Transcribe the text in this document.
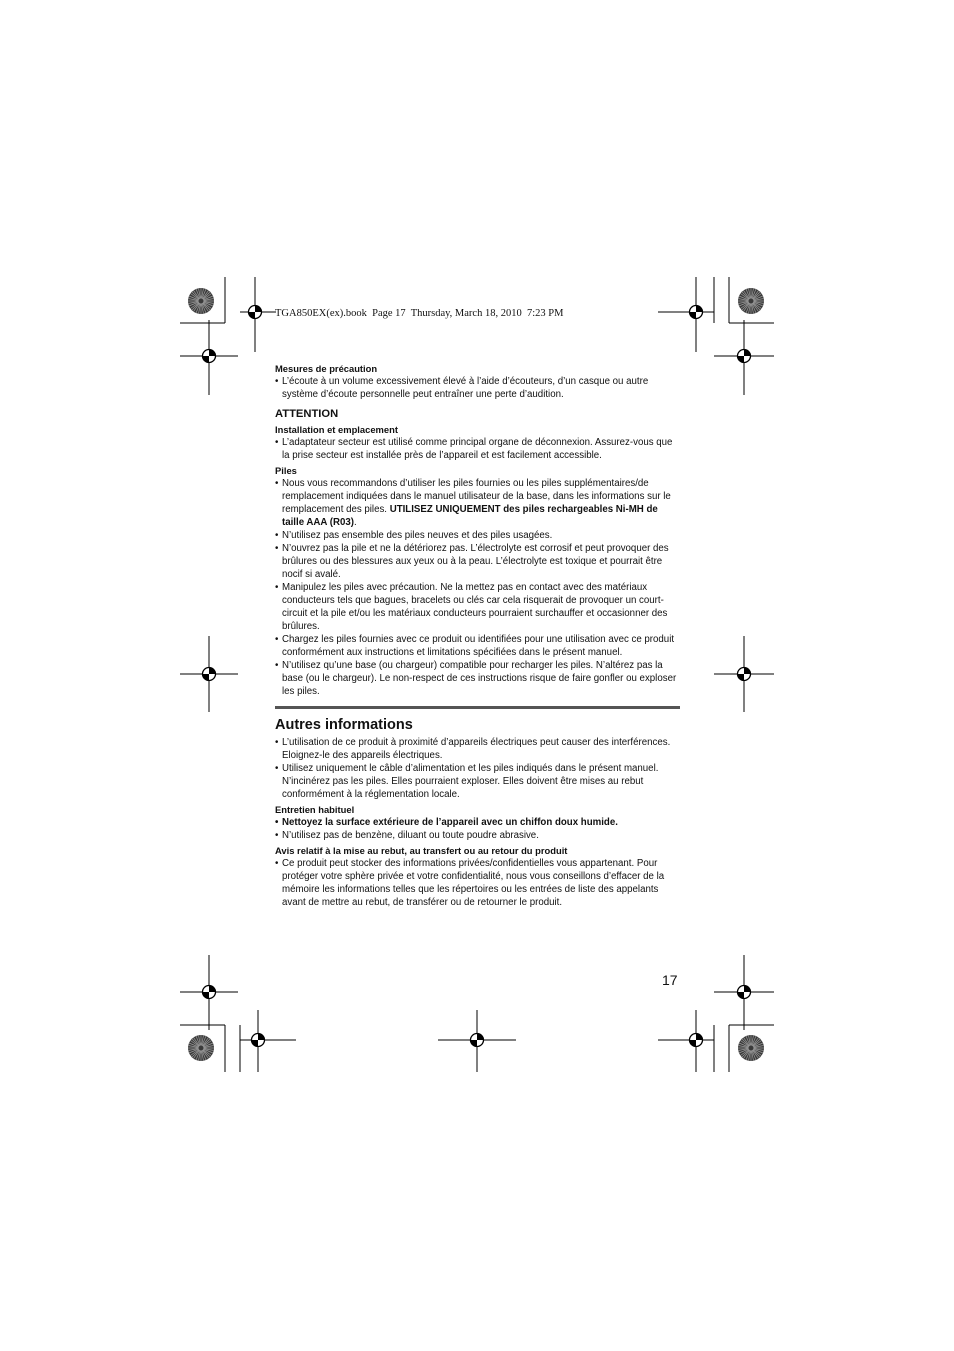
TGA850EX(ex).book  Page 17  Thursday, March 18, 2010  7:23 PM

Mesures de précaution

• L’écoute à un volume excessivement élevé à l’aide d’écouteurs, d’un casque ou autre système d’écoute personnelle peut entraîner une perte d’audition.

ATTENTION

Installation et emplacement

• L’adaptateur secteur est utilisé comme principal organe de déconnexion. Assurez-vous que la prise secteur est installée près de l’appareil et est facilement accessible.

Piles

• Nous vous recommandons d’utiliser les piles fournies ou les piles supplémentaires/de remplacement indiquées dans le manuel utilisateur de la base, dans les informations sur le remplacement des piles. UTILISEZ UNIQUEMENT des piles rechargeables Ni-MH de taille AAA (R03).
• N’utilisez pas ensemble des piles neuves et des piles usagées.
• N’ouvrez pas la pile et ne la détériorez pas. L’électrolyte est corrosif et peut provoquer des brûlures ou des blessures aux yeux ou à la peau. L’électrolyte est toxique et pourrait être nocif si avalé.
• Manipulez les piles avec précaution. Ne la mettez pas en contact avec des matériaux conducteurs tels que bagues, bracelets ou clés car cela risquerait de provoquer un court-circuit et la pile et/ou les matériaux conducteurs pourraient surchauffer et occasionner des brûlures.
• Chargez les piles fournies avec ce produit ou identifiées pour une utilisation avec ce produit conformément aux instructions et limitations spécifiées dans le présent manuel.
• N’utilisez qu’une base (ou chargeur) compatible pour recharger les piles. N’altérez pas la base (ou le chargeur). Le non-respect de ces instructions risque de faire gonfler ou exploser les piles.

Autres informations

• L’utilisation de ce produit à proximité d’appareils électriques peut causer des interférences. Eloignez-le des appareils électriques.
• Utilisez uniquement le câble d’alimentation et les piles indiqués dans le présent manuel. N’incinérez pas les piles. Elles pourraient exploser. Elles doivent être mises au rebut conformément à la réglementation locale.

Entretien habituel

• Nettoyez la surface extérieure de l’appareil avec un chiffon doux humide.
• N’utilisez pas de benzène, diluant ou toute poudre abrasive.

Avis relatif à la mise au rebut, au transfert ou au retour du produit

• Ce produit peut stocker des informations privées/confidentielles vous appartenant. Pour protéger votre sphère privée et votre confidentialité, nous vous conseillons d’effacer de la mémoire les informations telles que les répertoires ou les entrées de liste des appelants avant de mettre au rebut, de transférer ou de retourner le produit.
17
